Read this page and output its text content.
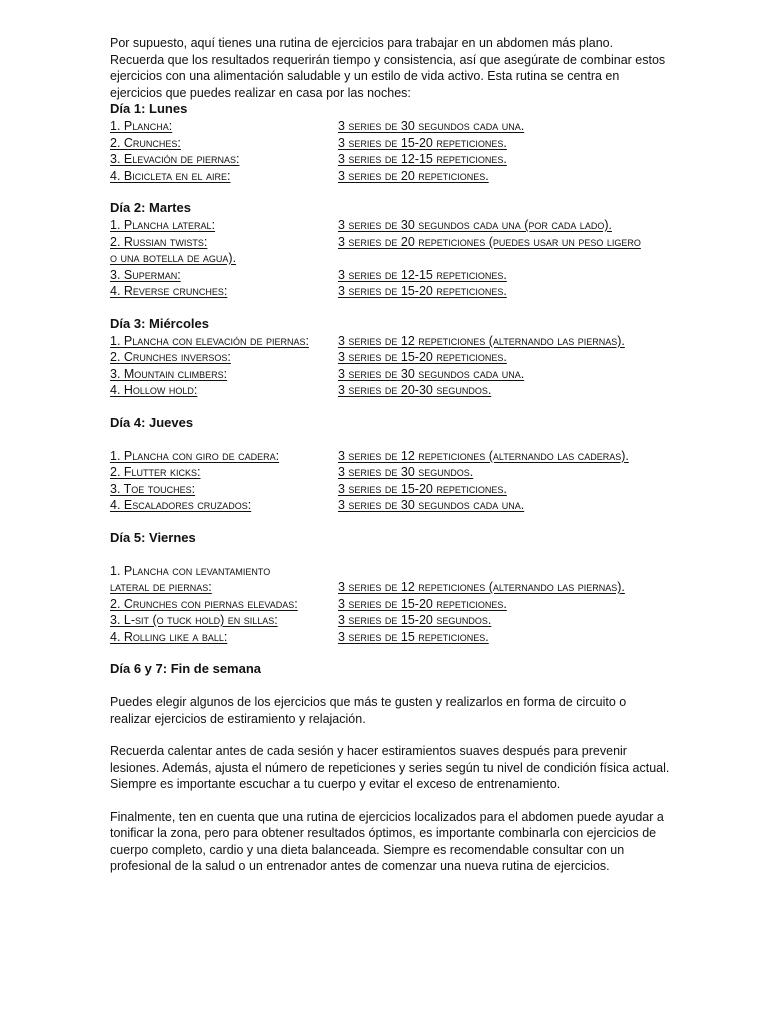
Por supuesto, aquí tienes una rutina de ejercicios para trabajar en un abdomen más plano. Recuerda que los resultados requerirán tiempo y consistencia, así que asegúrate de combinar estos ejercicios con una alimentación saludable y un estilo de vida activo. Esta rutina se centra en ejercicios que puedes realizar en casa por las noches:

Día 1: Lunes

1. Plancha:	3 series de 30 segundos cada una.
2. Crunches:	3 series de 15-20 repeticiones.
3. Elevación de piernas:	3 series de 12-15 repeticiones.
4. Bicicleta en el aire:	3 series de 20 repeticiones.

Día 2: Martes

1. Plancha lateral:	3 series de 30 segundos cada una (por cada lado).
2. Russian twists:	3 series de 20 repeticiones (puedes usar un peso ligero
o una botella de agua).
3. Superman:	3 series de 12-15 repeticiones.
4. Reverse crunches:	3 series de 15-20 repeticiones.

Día 3: Miércoles

1. Plancha con elevación de piernas:	3 series de 12 repeticiones (alternando las piernas).
2. Crunches inversos:	3 series de 15-20 repeticiones.
3. Mountain climbers:	3 series de 30 segundos cada una.
4. Hollow hold:	3 series de 20-30 segundos.

Día 4: Jueves

1. Plancha con giro de cadera:	3 series de 12 repeticiones (alternando las caderas).
2. Flutter kicks:	3 series de 30 segundos.
3. Toe touches:	3 series de 15-20 repeticiones.
4. Escaladores cruzados:	3 series de 30 segundos cada una.

Día 5: Viernes

1. Plancha con levantamiento
lateral de piernas:	3 series de 12 repeticiones (alternando las piernas).
2. Crunches con piernas elevadas:	3 series de 15-20 repeticiones.
3. L-sit (o tuck hold) en sillas:	3 series de 15-20 segundos.
4. Rolling like a ball:	3 series de 15 repeticiones.

Día 6 y 7: Fin de semana

Puedes elegir algunos de los ejercicios que más te gusten y realizarlos en forma de circuito o realizar ejercicios de estiramiento y relajación.

Recuerda calentar antes de cada sesión y hacer estiramientos suaves después para prevenir lesiones. Además, ajusta el número de repeticiones y series según tu nivel de condición física actual. Siempre es importante escuchar a tu cuerpo y evitar el exceso de entrenamiento.

Finalmente, ten en cuenta que una rutina de ejercicios localizados para el abdomen puede ayudar a tonificar la zona, pero para obtener resultados óptimos, es importante combinarla con ejercicios de cuerpo completo, cardio y una dieta balanceada. Siempre es recomendable consultar con un profesional de la salud o un entrenador antes de comenzar una nueva rutina de ejercicios.
